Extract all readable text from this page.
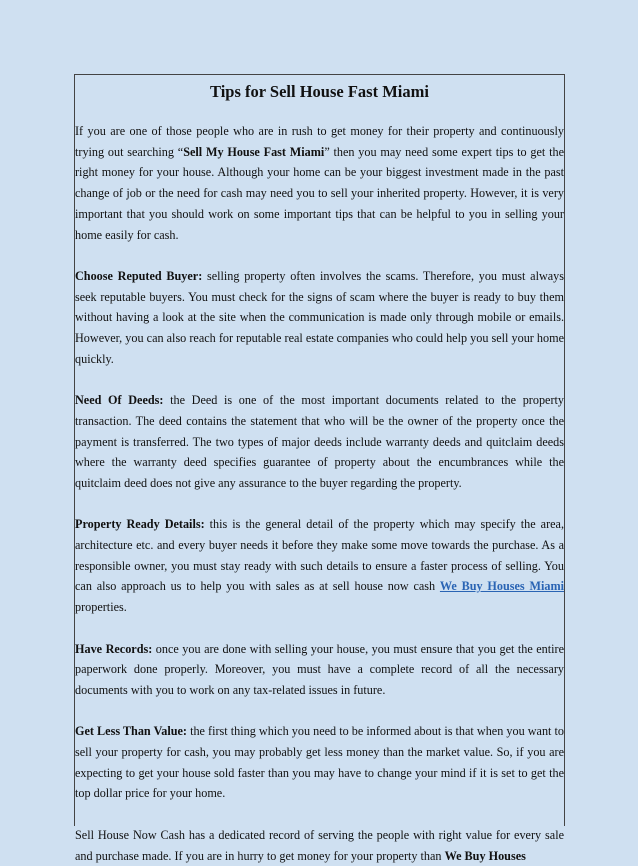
Tips for Sell House Fast Miami

If you are one of those people who are in rush to get money for their property and continuously trying out searching “Sell My House Fast Miami” then you may need some expert tips to get the right money for your house. Although your home can be your biggest investment made in the past change of job or the need for cash may need you to sell your inherited property. However, it is very important that you should work on some important tips that can be helpful to you in selling your home easily for cash.

Choose Reputed Buyer: selling property often involves the scams. Therefore, you must always seek reputable buyers. You must check for the signs of scam where the buyer is ready to buy them without having a look at the site when the communication is made only through mobile or emails. However, you can also reach for reputable real estate companies who could help you sell your home quickly.

Need Of Deeds: the Deed is one of the most important documents related to the property transaction. The deed contains the statement that who will be the owner of the property once the payment is transferred. The two types of major deeds include warranty deeds and quitclaim deeds where the warranty deed specifies guarantee of property about the encumbrances while the quitclaim deed does not give any assurance to the buyer regarding the property.

Property Ready Details: this is the general detail of the property which may specify the area, architecture etc. and every buyer needs it before they make some move towards the purchase. As a responsible owner, you must stay ready with such details to ensure a faster process of selling. You can also approach us to help you with sales as at sell house now cash We Buy Houses Miami properties.

Have Records: once you are done with selling your house, you must ensure that you get the entire paperwork done properly. Moreover, you must have a complete record of all the necessary documents with you to work on any tax-related issues in future.

Get Less Than Value: the first thing which you need to be informed about is that when you want to sell your property for cash, you may probably get less money than the market value. So, if you are expecting to get your house sold faster than you may have to change your mind if it is set to get the top dollar price for your home.

Sell House Now Cash has a dedicated record of serving the people with right value for every sale and purchase made. If you are in hurry to get money for your property than We Buy Houses
